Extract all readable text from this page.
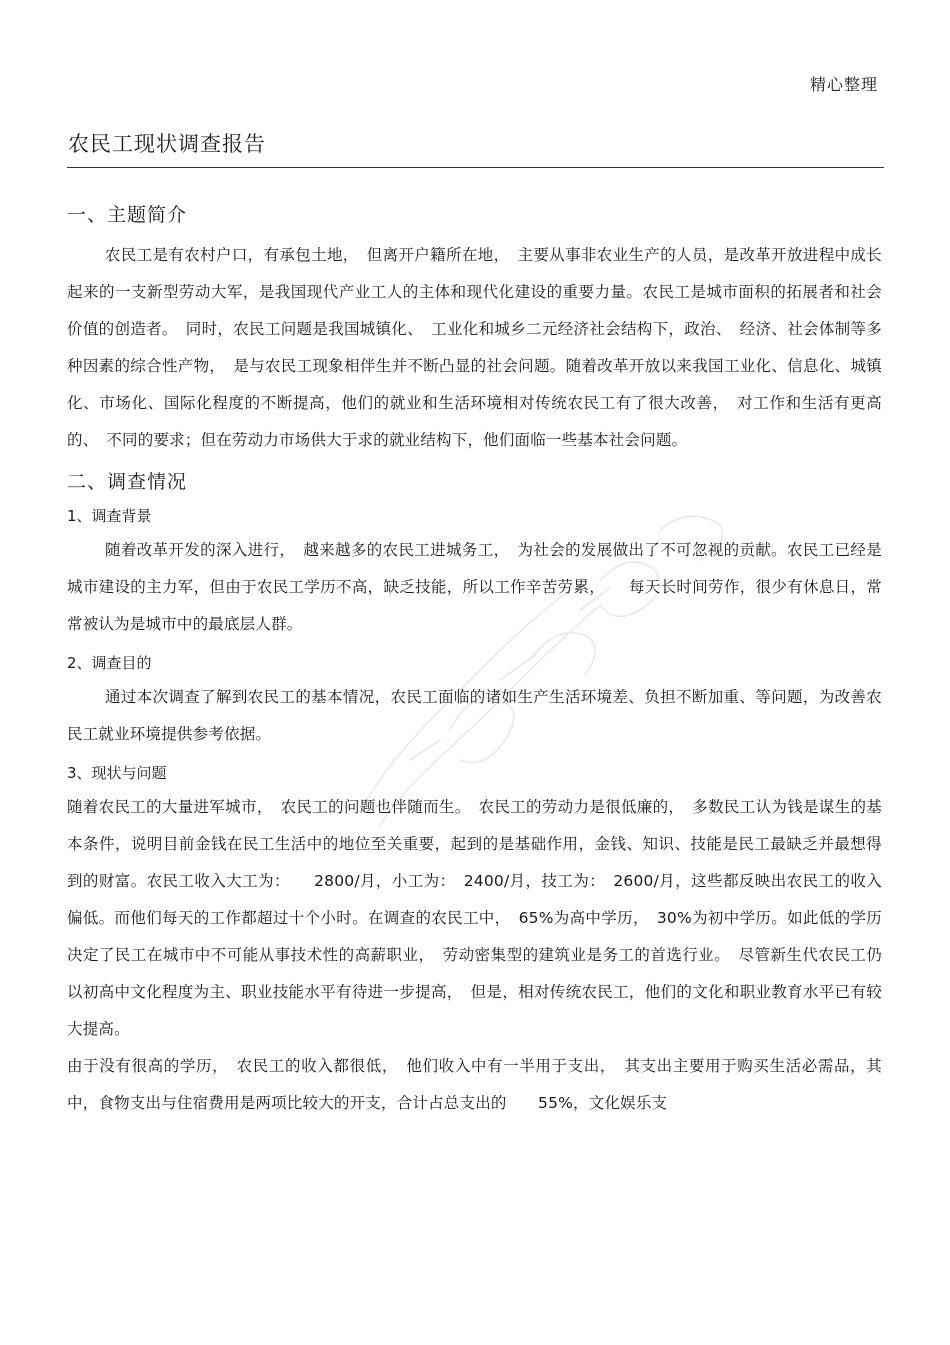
精心整理
农民工现状调查报告
一、主题简介
农民工是有农村户口，有承包土地，　但离开户籍所在地，　主要从事非农业生产的人员，是改革开放进程中成长起来的一支新型劳动大军，是我国现代产业工人的主体和现代化建设的重要力量。农民工是城市面积的拓展者和社会价值的创造者。　同时，农民工问题是我国城镇化、　工业化和城乡二元经济社会结构下，政治、　经济、社会体制等多种因素的综合性产物，　是与农民工现象相伴生并不断凸显的社会问题。随着改革开放以来我国工业化、信息化、城镇化、市场化、国际化程度的不断提高，他们的就业和生活环境相对传统农民工有了很大改善，　对工作和生活有更高的、　不同的要求；但在劳动力市场供大于求的就业结构下，他们面临一些基本社会问题。
二、调查情况
1、调查背景
随着改革开发的深入进行，　越来越多的农民工进城务工，　为社会的发展做出了不可忽视的贡献。农民工已经是城市建设的主力军，但由于农民工学历不高，缺乏技能，所以工作辛苦劳累，　　每天长时间劳作，很少有休息日，常常被认为是城市中的最底层人群。
2、调查目的
通过本次调查了解到农民工的基本情况，农民工面临的诸如生产生活环境差、负担不断加重、等问题，为改善农民工就业环境提供参考依据。
3、现状与问题
随着农民工的大量进军城市，　农民工的问题也伴随而生。　农民工的劳动力是很低廉的，　多数民工认为钱是谋生的基本条件，说明目前金钱在民工生活中的地位至关重要，起到的是基础作用，金钱、知识、技能是民工最缺乏并最想得到的财富。农民工收入大工为：　　2800/月，小工为：　2400/月，技工为：　2600/月，这些都反映出农民工的收入偏低。而他们每天的工作都超过十个小时。在调查的农民工中，　65%为高中学历，　30%为初中学历。如此低的学历决定了民工在城市中不可能从事技术性的高薪职业，　劳动密集型的建筑业是务工的首选行业。　尽管新生代农民工仍以初高中文化程度为主、职业技能水平有待进一步提高，　但是，相对传统农民工，他们的文化和职业教育水平已有较大提高。
由于没有很高的学历，　农民工的收入都很低，　他们收入中有一半用于支出，　其支出主要用于购买生活必需品，其中，食物支出与住宿费用是两项比较大的开支，合计占总支出的　　55%，文化娱乐支
